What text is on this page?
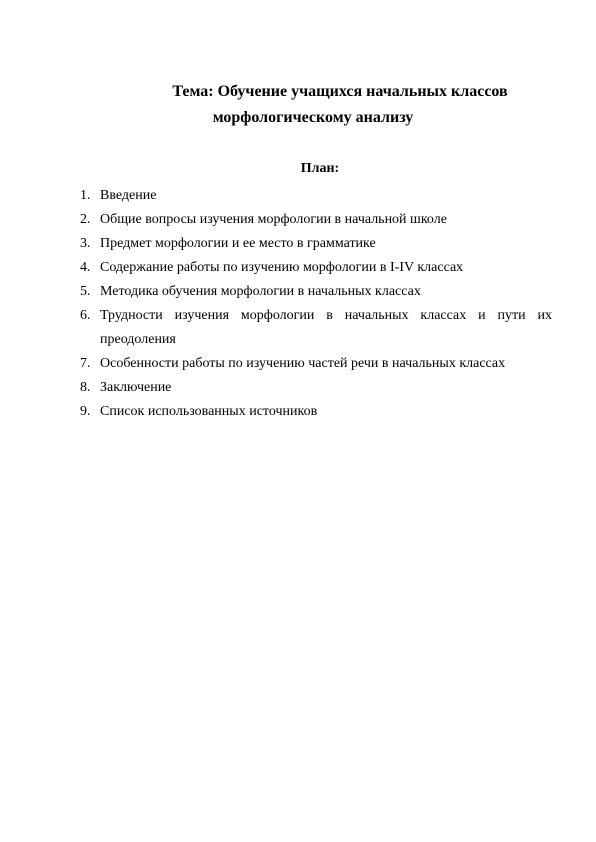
Тема: Обучение учащихся начальных классов
морфологическому анализу
План:
1. Введение
2. Общие вопросы изучения морфологии в начальной школе
3. Предмет морфологии и ее место в грамматике
4. Содержание работы по изучению морфологии в I-IV классах
5. Методика обучения морфологии в начальных классах
6. Трудности изучения морфологии в начальных классах и пути их преодоления
7. Особенности работы по изучению частей речи в начальных классах
8. Заключение
9. Список использованных источников
